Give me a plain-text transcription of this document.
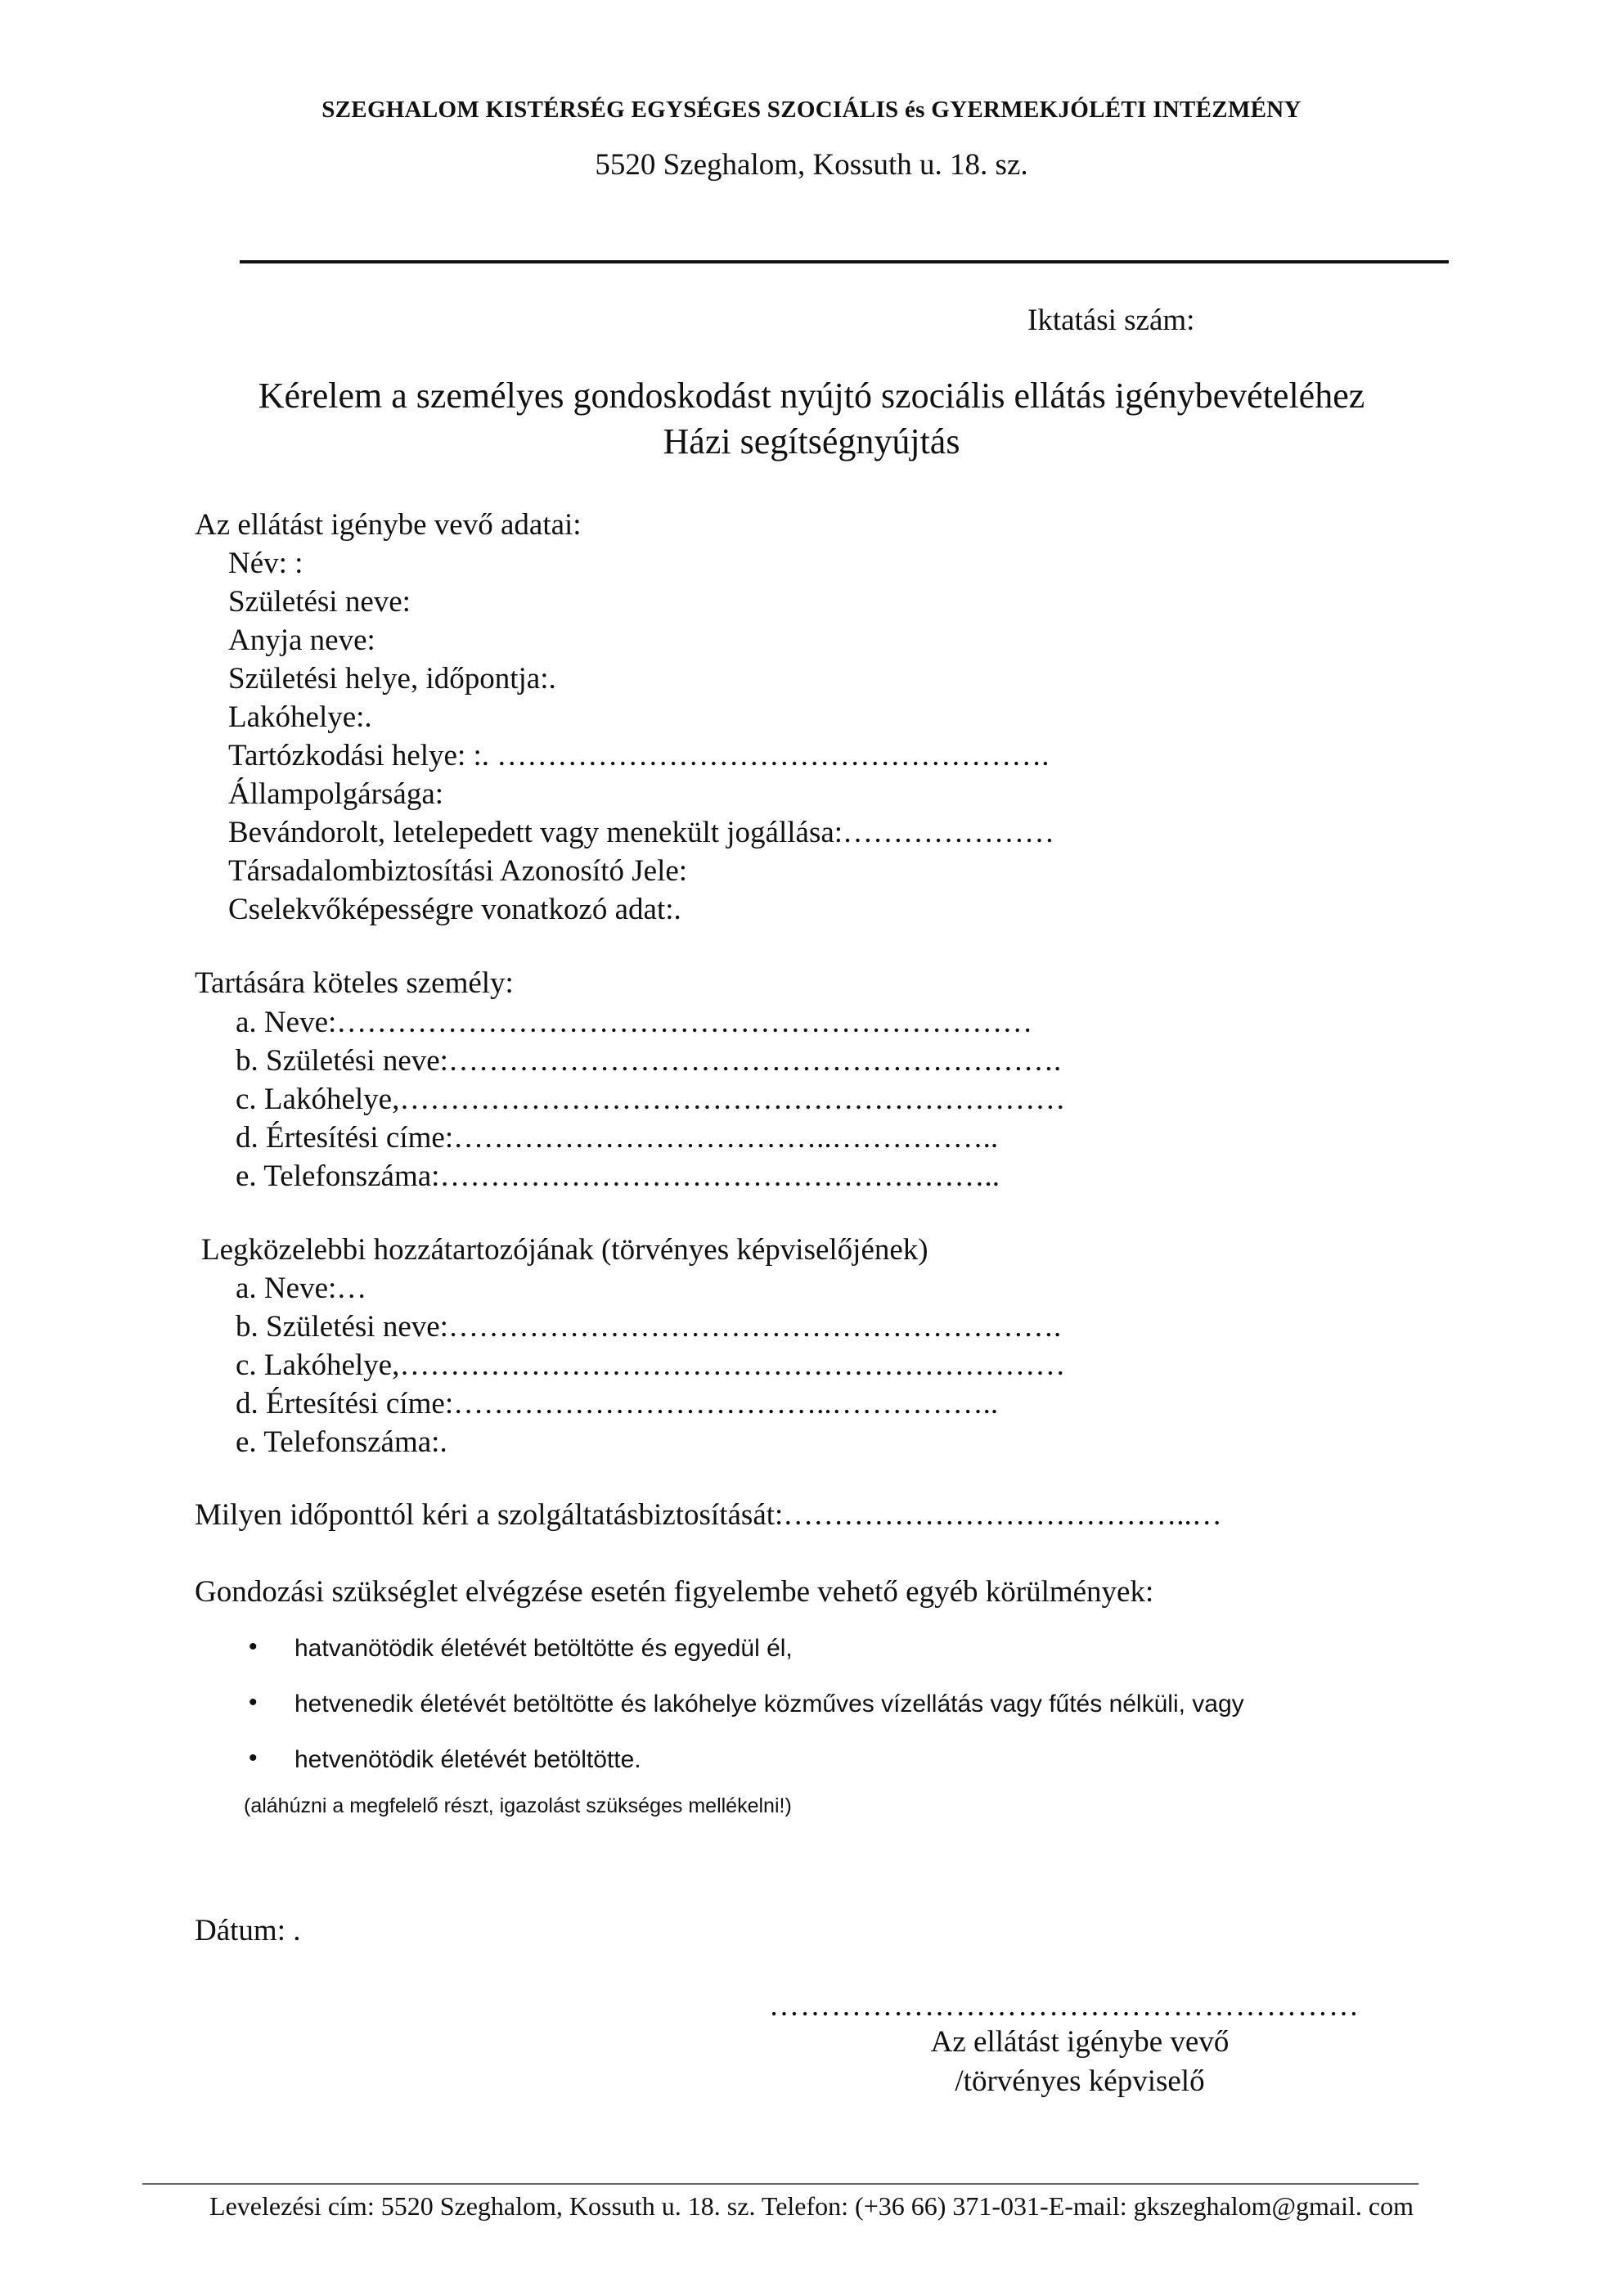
SZEGHALOM KISTÉRSÉG EGYSÉGES SZOCIÁLIS és GYERMEKJÓLÉTI INTÉZMÉNY
5520 Szeghalom, Kossuth u. 18. sz.
Iktatási szám:
Kérelem a személyes gondoskodást nyújtó szociális ellátás igénybevételéhez
Házi segítségnyújtás
Az ellátást igénybe vevő adatai:
Név: :
Születési neve:
Anyja neve:
Születési helye, időpontja:.
Lakóhelye:.
Tartózkodási helye: :. ……………………………………………….
Állampolgársága:
Bevándorolt, letelepedett vagy menekült jogállása:…………………
Társadalombiztosítási Azonosító Jele:
Cselekvőképességre vonatkozó adat:.
Tartására köteles személy:
a. Neve:……………………………………………………………
b. Születési neve:…………………………………………………….
c. Lakóhelye,…………………………………………………………
d. Értesítési címe:………………………………..……………..
e. Telefonszáma:………………………………………………..
Legközelebbi hozzátartozójának (törvényes képviselőjének)
a. Neve:…
b. Születési neve:…………………………………………………….
c. Lakóhelye,…………………………………………………………
d. Értesítési címe:………………………………..……………..
e. Telefonszáma:.
Milyen időponttól kéri a szolgáltatásbiztosítását:…………………………………..…
Gondozási szükséglet elvégzése esetén figyelembe vehető egyéb körülmények:
• hatvanötödik életévét betöltötte és egyedül él,
• hetvenedik életévét betöltötte és lakóhelye közműves vízellátás vagy fűtés nélküli, vagy
• hetvenötödik életévét betöltötte.
(aláhúzni a megfelelő részt, igazolást szükséges mellékelni!)
Dátum: .
…………………………………………………
Az ellátást igénybe vevő
/törvényes képviselő
Levelezési cím: 5520 Szeghalom, Kossuth u. 18. sz. Telefon: (+36 66) 371-031-E-mail: gkszeghalom@gmail. com
